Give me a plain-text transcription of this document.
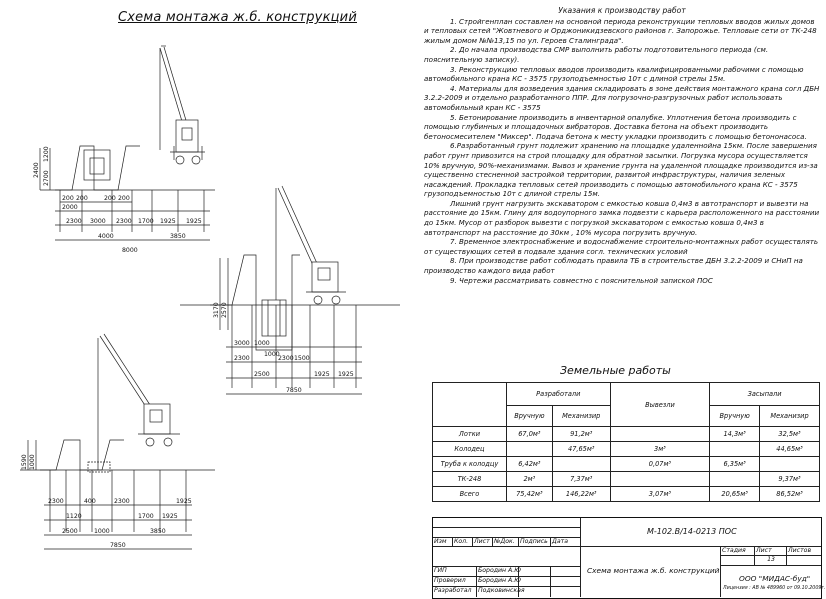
Схема монтажа ж.б. конструкций
2000
2300 3000 2300 1700 1925 1925
4000	3850
8000
200 200	200 200
2400
1200
2700
3000 1000
1000
2300
2500
2300 1500
1925 1925
7850
3170 2570
2300
1120
400	2300
1700 1925
1925
2500	1000	3850
7850
1590 1000
Указания к производству работ

1. Стройгенплан составлен на основной периода реконструкции тепловых вводов жилых домов и тепловых сетей "Жовтневого и Орджоникидзевского районов г. Запорожье. Тепловые сети от ТК-248 жилым домом №№13,15 по ул. Героев Сталинграда".

2. До начала производства СМР выполнить работы подготовительного периода (см. пояснительную записку).

3. Реконструкцию тепловых вводов производить квалифицированными рабочими с помощью автомобильного крана КС - 3575 грузоподъемностью 10т с длиной стрелы 15м.

4. Материалы для возведения здания складировать в зоне действия монтажного крана согл ДБН 3.2.2-2009 и отдельно разработанного ППР. Для погрузочно-разгрузочных работ использовать автомобильный кран КС - 3575

5. Бетонирование производить в инвентарной опалубке. Уплотнения бетона производить с помощью глубинных и площадочных вибраторов. Доставка бетона на объект производить бетоносмесителем "Миксер". Подача бетона к месту укладки производить с помощью бетононасоса.

6.Разработанный грунт подлежит хранению на площадке удаленнойна 15км. После завершения работ грунт привозится на строй площадку для обратной засыпки. Погрузка мусора осуществляется 10% вручную, 90%-механизмами. Вывоз и хранение грунта на удаленной площадке производится из-за существенно стесненной застройкой территории, развитой инфраструктуры, наличия зеленых насаждений. Прокладка тепловых сетей производить с помощью автомобильного крана КС - 3575 грузоподъемностью 10т с длиной стрелы 15м.

Лишний грунт нагрузить экскаватором с емкостью ковша 0,4м3 в автотранспорт и вывезти на расстояние до 15км. Глину для водоупорного замка подвезти с карьера расположенного на расстоянии до 15км. Мусор от разборок вывезти с погрузкой экскаватором с емкостью ковша 0,4м3 в автотранспорт на расстояние до 30км , 10% мусора погрузить вручную.

7. Временное электроснабжение и водоснабжение строительно-монтажных работ осуществлять от существующих сетей в подвале здания согл. технических условий

8. При производстве работ соблюдать правила ТБ в строительстве ДБН 3.2.2-2009 и СНиП на производство каждого вида работ

9. Чертежи рассматривать совместно с пояснительной запиской ПОС

Земельные работы
	Разработали		Вывезли	Засыпали	
	Вручную	Механизир		Вручную	Механизир
Лотки	67,0м³	91,2м³		14,3м³	32,5м³
Колодец		47,65м³	3м³		44,65м³
Труба к колодцу	6,42м³		0,07м³	6,35м³	
ТК-248	2м³	7,37м³			9,37м³
Всего	75,42м³	146,22м³	3,07м³	20,65м³	86,52м³
Изм	Кол. Лист №Док. Подпись Дата
ГИП	Бородин А.Ю
Проверил	Бородин А.Ю
Разработал	Подковинская
М-102.В/14-0213 ПОС
Схема монтажа ж.б. конструкций
Стадия	Лист	Листов
13
ООО "МИДАС-буд"
Лицензия : АВ № 489960 от 09.10.2009г.
